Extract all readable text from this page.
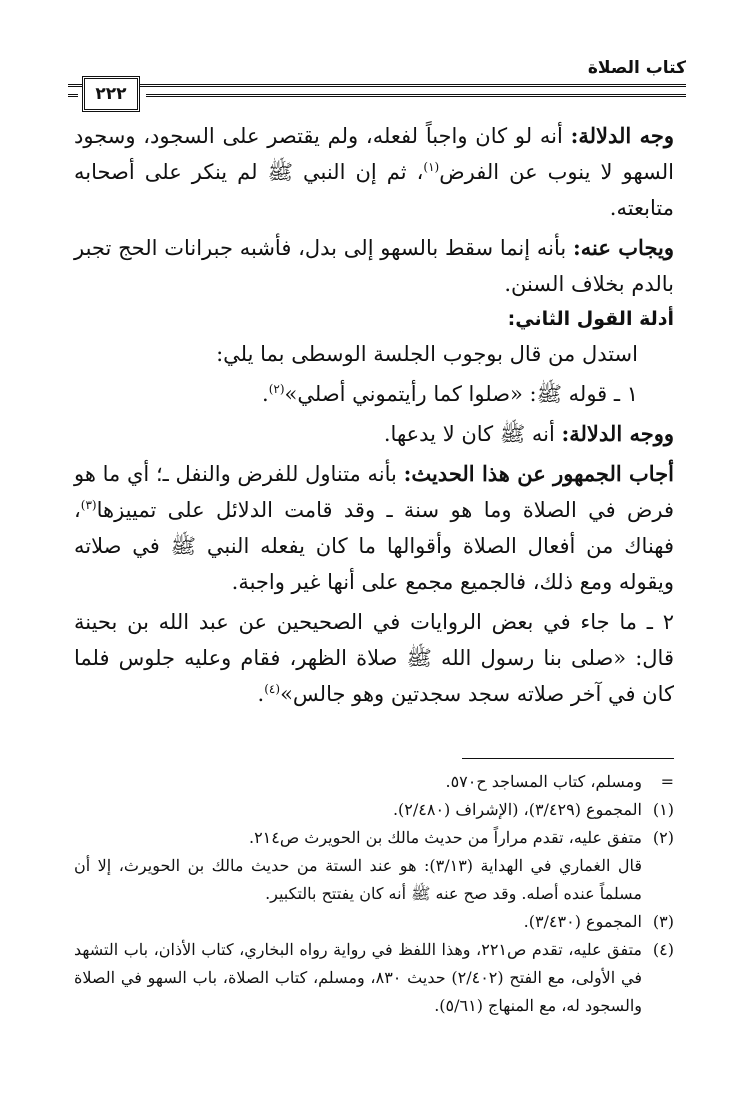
كتاب الصلاة
٢٢٢

وجه الدلالة: أنه لو كان واجباً لفعله، ولم يقتصر على السجود، وسجود السهو لا ينوب عن الفرض$^{(١)}$، ثم إن النبي ﷺ لم ينكر على أصحابه متابعته.

ويجاب عنه: بأنه إنما سقط بالسهو إلى بدل، فأشبه جبرانات الحج تجبر بالدم بخلاف السنن.

أدلة القول الثاني:

استدل من قال بوجوب الجلسة الوسطى بما يلي:

١ ـ قوله ﷺ: «صلوا كما رأيتموني أصلي»$^{(٢)}$.

ووجه الدلالة: أنه ﷺ كان لا يدعها.

أجاب الجمهور عن هذا الحديث: بأنه متناول للفرض والنفل ـ؛ أي ما هو فرض في الصلاة وما هو سنة ـ وقد قامت الدلائل على تمييزها$^{(٣)}$، فهناك من أفعال الصلاة وأقوالها ما كان يفعله النبي ﷺ في صلاته ويقوله ومع ذلك، فالجميع مجمع على أنها غير واجبة.

٢ ـ ما جاء في بعض الروايات في الصحيحين عن عبد الله بن بحينة قال: «صلى بنا رسول الله ﷺ صلاة الظهر، فقام وعليه جلوس فلما كان في آخر صلاته سجد سجدتين وهو جالس»$^{(٤)}$.

=
ومسلم، كتاب المساجد ح٥٧٠.
(١)
المجموع (٣/٤٢٩)، (الإشراف (٢/٤٨٠).
(٢)
متفق عليه، تقدم مراراً من حديث مالك بن الحويرث ص٢١٤.
قال الغماري في الهداية (٣/١٣): هو عند الستة من حديث مالك بن الحويرث، إلا أن مسلماً عنده أصله. وقد صح عنه ﷺ أنه كان يفتتح بالتكبير.
(٣)
المجموع (٣/٤٣٠).
(٤)
متفق عليه، تقدم ص٢٢١، وهذا اللفظ في رواية رواه البخاري، كتاب الأذان، باب التشهد في الأولى، مع الفتح (٢/٤٠٢) حديث ٨٣٠، ومسلم، كتاب الصلاة، باب السهو في الصلاة والسجود له، مع المنهاج (٥/٦١).
